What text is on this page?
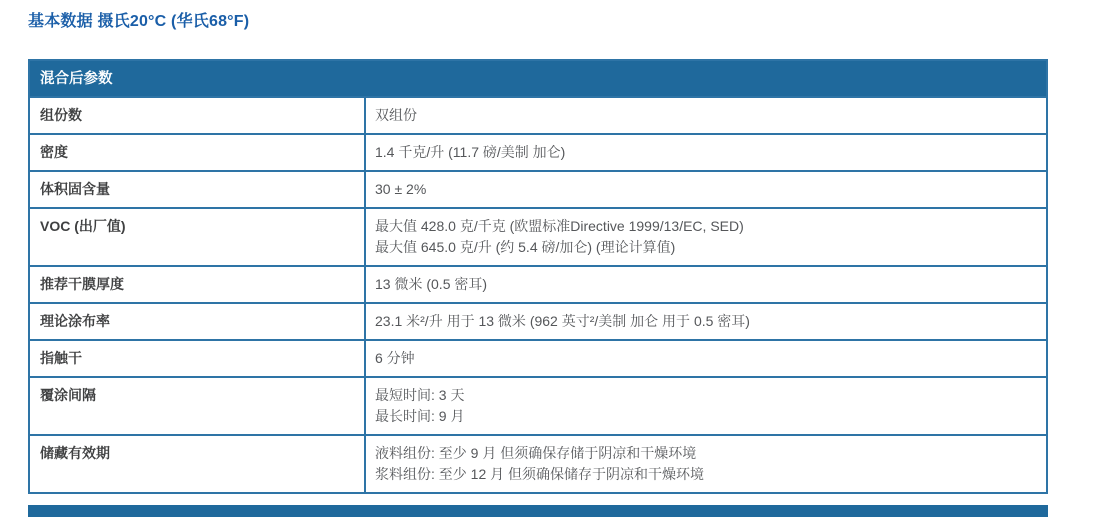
基本数据 摄氏20°C (华氏68°F)
混合后参数
组份数	双组份
密度	1.4 千克/升 (11.7 磅/美制 加仑)
体积固含量	30 ± 2%
VOC (出厂值)	最大值 428.0 克/千克 (欧盟标准Directive 1999/13/EC, SED)
最大值 645.0 克/升 (约 5.4 磅/加仑) (理论计算值)
推荐干膜厚度	13 微米 (0.5 密耳)
理论涂布率	23.1 米²/升 用于 13 微米 (962 英寸²/美制 加仑 用于 0.5 密耳)
指触干	6 分钟
覆涂间隔	最短时间: 3 天
最长时间: 9 月
储藏有效期	液料组份: 至少 9 月 但须确保存储于阴凉和干燥环境
浆料组份: 至少 12 月 但须确保储存于阴凉和干燥环境
